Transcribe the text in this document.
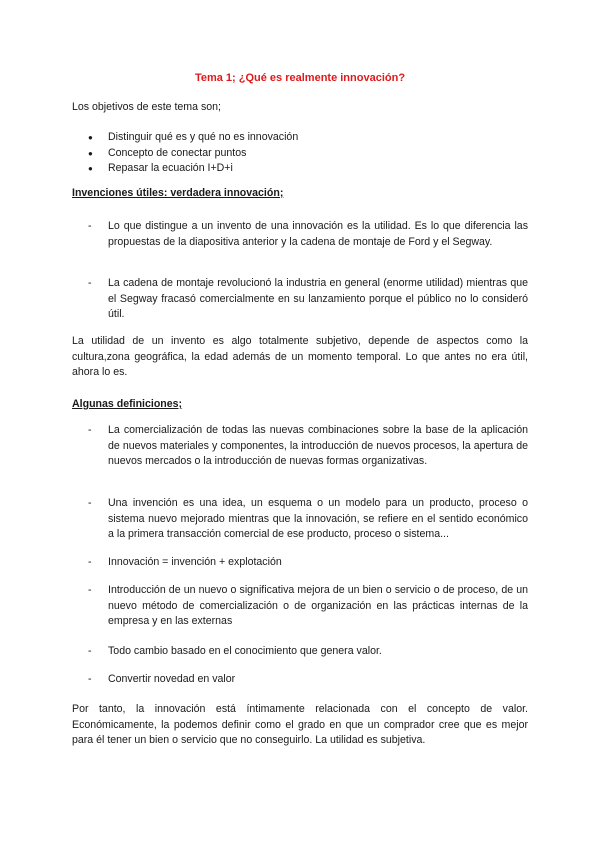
Tema 1; ¿Qué es realmente innovación?
Los objetivos de este tema son;
● Distinguir qué es y qué no es innovación
● Concepto de conectar puntos
● Repasar la ecuación I+D+i
Invenciones útiles: verdadera innovación;
- Lo que distingue a un invento de una innovación es la utilidad. Es lo que diferencia las propuestas de la diapositiva anterior y la cadena de montaje de Ford y el Segway.
- La cadena de montaje revolucionó la industria en general (enorme utilidad) mientras que el Segway fracasó comercialmente en su lanzamiento porque el público no lo consideró útil.
La utilidad de un invento es algo totalmente subjetivo, depende de aspectos como la cultura,zona geográfica, la edad además de un momento temporal. Lo que antes no era útil, ahora lo es.
Algunas definiciones;
- La comercialización de todas las nuevas combinaciones sobre la base de la aplicación de nuevos materiales y componentes, la introducción de nuevos procesos, la apertura de nuevos mercados o la introducción de nuevas formas organizativas.
- Una invención es una idea, un esquema o un modelo para un producto, proceso o sistema nuevo mejorado mientras que la innovación, se refiere en el sentido económico a la primera transacción comercial de ese producto, proceso o sistema...
- Innovación = invención + explotación
- Introducción de un nuevo o significativa mejora de un bien o servicio o de proceso, de un nuevo método de comercialización o de organización en las prácticas internas de la empresa y en las externas
- Todo cambio basado en el conocimiento que genera valor.
- Convertir novedad en valor
Por tanto, la innovación está íntimamente relacionada con el concepto de valor. Económicamente, la podemos definir como el grado en que un comprador cree que es mejor para él tener un bien o servicio que no conseguirlo. La utilidad es subjetiva.
